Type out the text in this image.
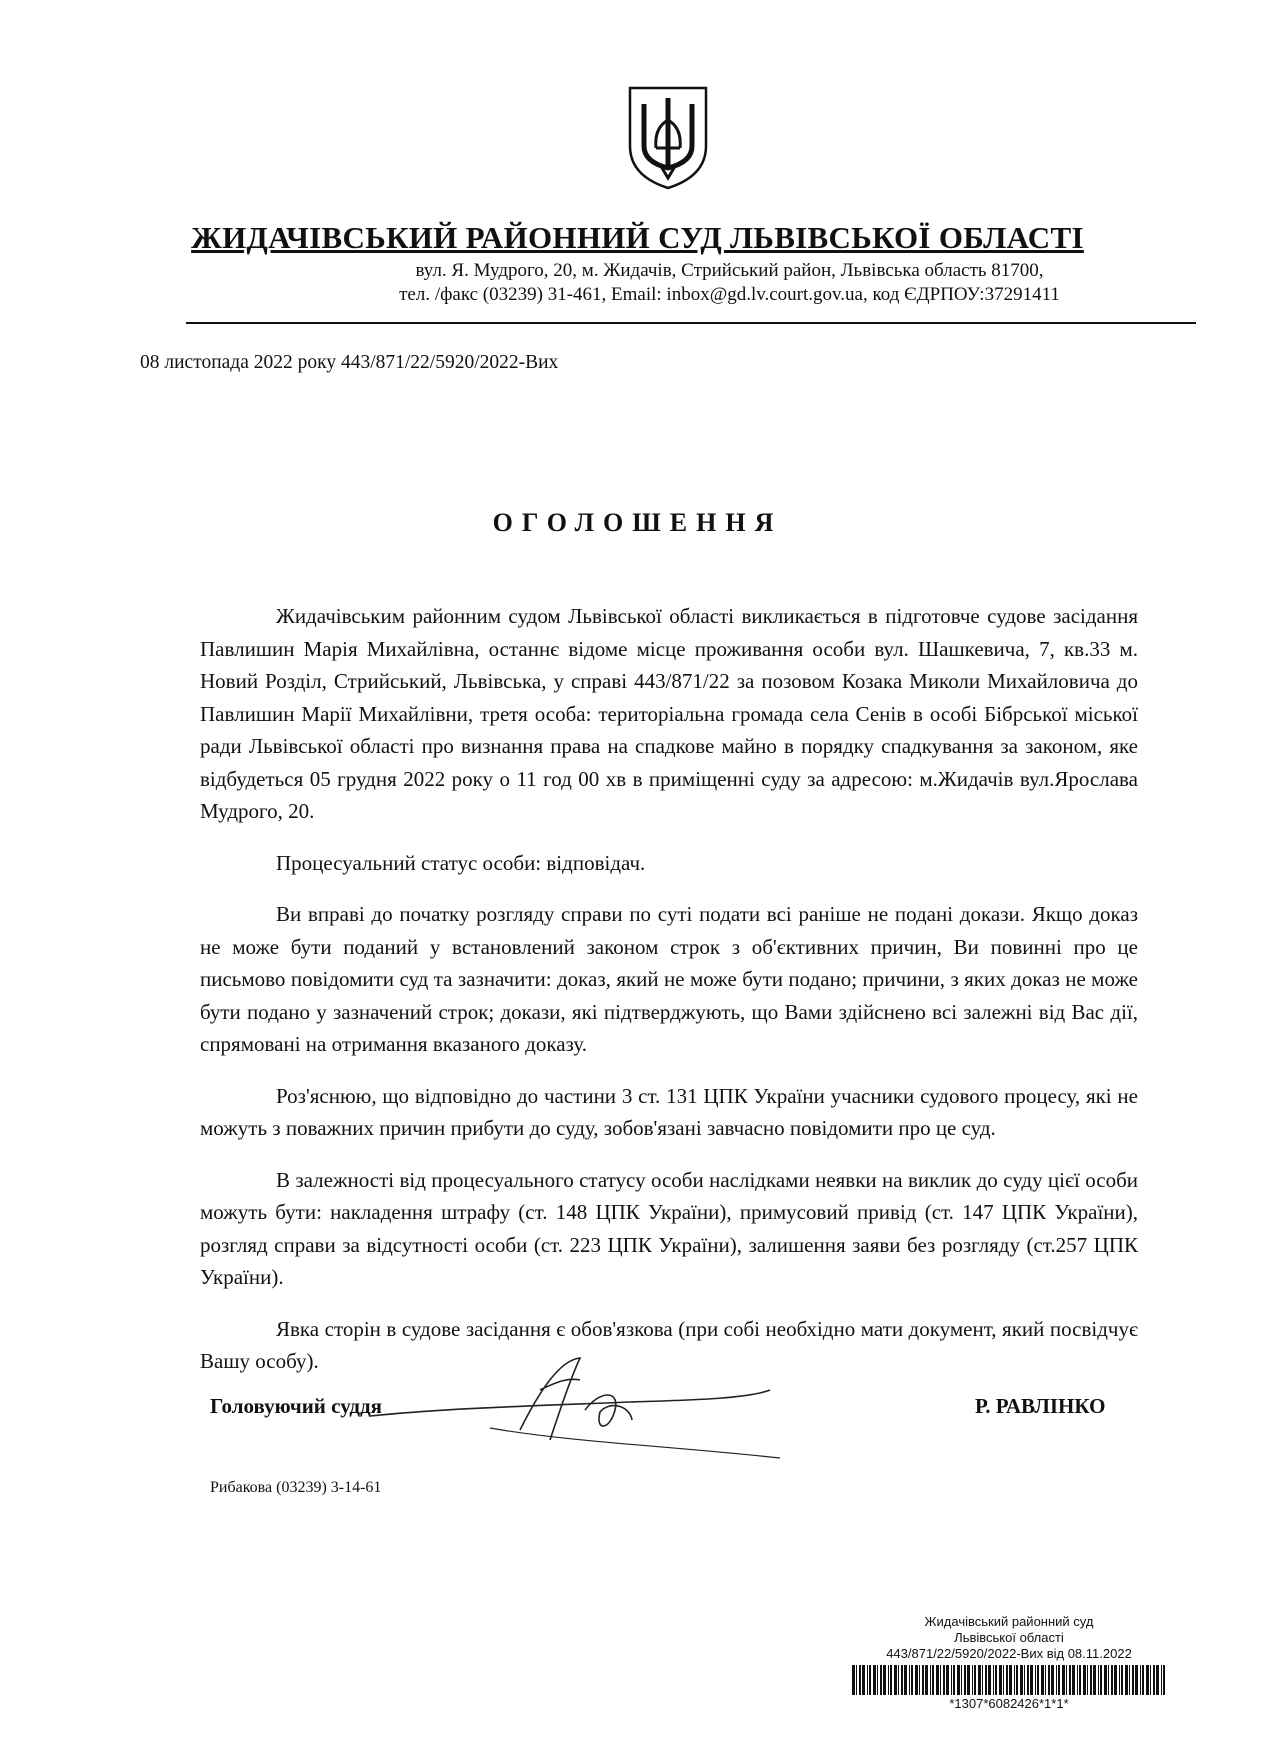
ЖИДАЧІВСЬКИЙ РАЙОННИЙ СУД ЛЬВІВСЬКОЇ ОБЛАСТІ
вул. Я. Мудрого, 20, м. Жидачів, Стрийський район, Львівська область 81700,
тел. /факс (03239) 31-461, Email: inbox@gd.lv.court.gov.ua, код ЄДРПОУ:37291411
08 листопада 2022 року 443/871/22/5920/2022-Вих
ОГОЛОШЕННЯ

Жидачівським районним судом Львівської області викликається в підготовче судове засідання Павлишин Марія Михайлівна, останнє відоме місце проживання особи вул. Шашкевича, 7, кв.33 м. Новий Розділ, Стрийський, Львівська, у справі 443/871/22 за позовом Козака Миколи Михайловича до Павлишин Марії Михайлівни, третя особа: територіальна громада села Сенів в особі Бібрської міської ради Львівської області про визнання права на спадкове майно в порядку спадкування за законом, яке відбудеться 05 грудня 2022 року о 11 год 00 хв в приміщенні суду за адресою: м.Жидачів вул.Ярослава Мудрого, 20.

Процесуальний статус особи: відповідач.

Ви вправі до початку розгляду справи по суті подати всі раніше не подані докази. Якщо доказ не може бути поданий у встановлений законом строк з об'єктивних причин, Ви повинні про це письмово повідомити суд та зазначити: доказ, який не може бути подано; причини, з яких доказ не може бути подано у зазначений строк; докази, які підтверджують, що Вами здійснено всі залежні від Вас дії, спрямовані на отримання вказаного доказу.

Роз'яснюю, що відповідно до частини 3 ст. 131 ЦПК України учасники судового процесу, які не можуть з поважних причин прибути до суду, зобов'язані завчасно повідомити про це суд.

В залежності від процесуального статусу особи наслідками неявки на виклик до суду цієї особи можуть бути: накладення штрафу (ст. 148 ЦПК України), примусовий привід (ст. 147 ЦПК України), розгляд справи за відсутності особи (ст. 223 ЦПК України), залишення заяви без розгляду (ст.257 ЦПК України).

Явка сторін в судове засідання є обов'язкова (при собі необхідно мати документ, який посвідчує Вашу особу).

Головуючий суддя	Р. РАВЛІНКО
Рибакова (03239) 3-14-61
Жидачівський районний суд
Львівської області
443/871/22/5920/2022-Вих від 08.11.2022
*1307*6082426*1*1*
